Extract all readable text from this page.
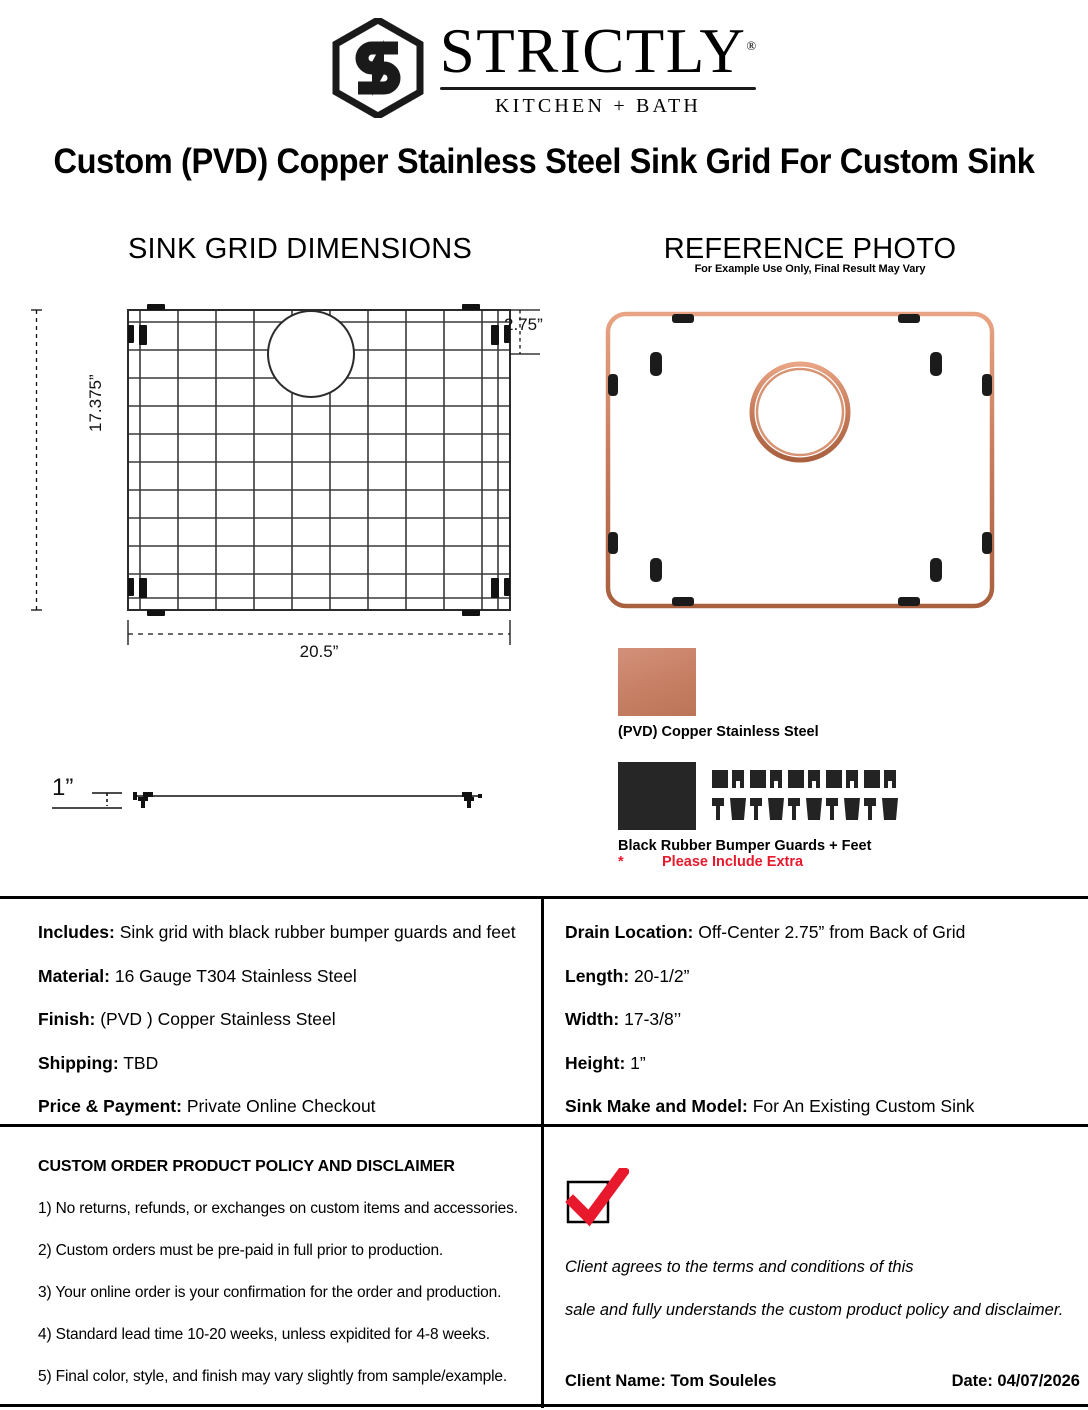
STRICTLY®
KITCHEN + BATH
Custom (PVD) Copper Stainless Steel Sink Grid For Custom Sink
SINK GRID DIMENSIONS	REFERENCE PHOTO
For Example Use Only, Final Result May Vary
17.375”
2.75”
20.5”
1”
(PVD) Copper Stainless Steel
Black Rubber Bumper Guards + Feet
*	Please Include Extra
Includes: Sink grid with black rubber bumper guards and feet
Material: 16 Gauge T304 Stainless Steel
Finish: (PVD ) Copper Stainless Steel
Shipping: TBD
Price & Payment: Private Online Checkout
Drain Location: Off-Center 2.75” from Back of Grid
Length: 20-1/2”
Width: 17-3/8’’
Height: 1”
Sink Make and Model: For An Existing Custom Sink
CUSTOM ORDER PRODUCT POLICY AND DISCLAIMER
1) No returns, refunds, or exchanges on custom items and accessories.
2) Custom orders must be pre-paid in full prior to production.
3) Your online order is your confirmation for the order and production.
4) Standard lead time 10-20 weeks, unless expidited for 4-8 weeks.
5) Final color, style, and finish may vary slightly from sample/example.
Client agrees to the terms and conditions of this
sale and fully understands the custom product policy and disclaimer.
Client Name: Tom Souleles	Date: 04/07/2026
